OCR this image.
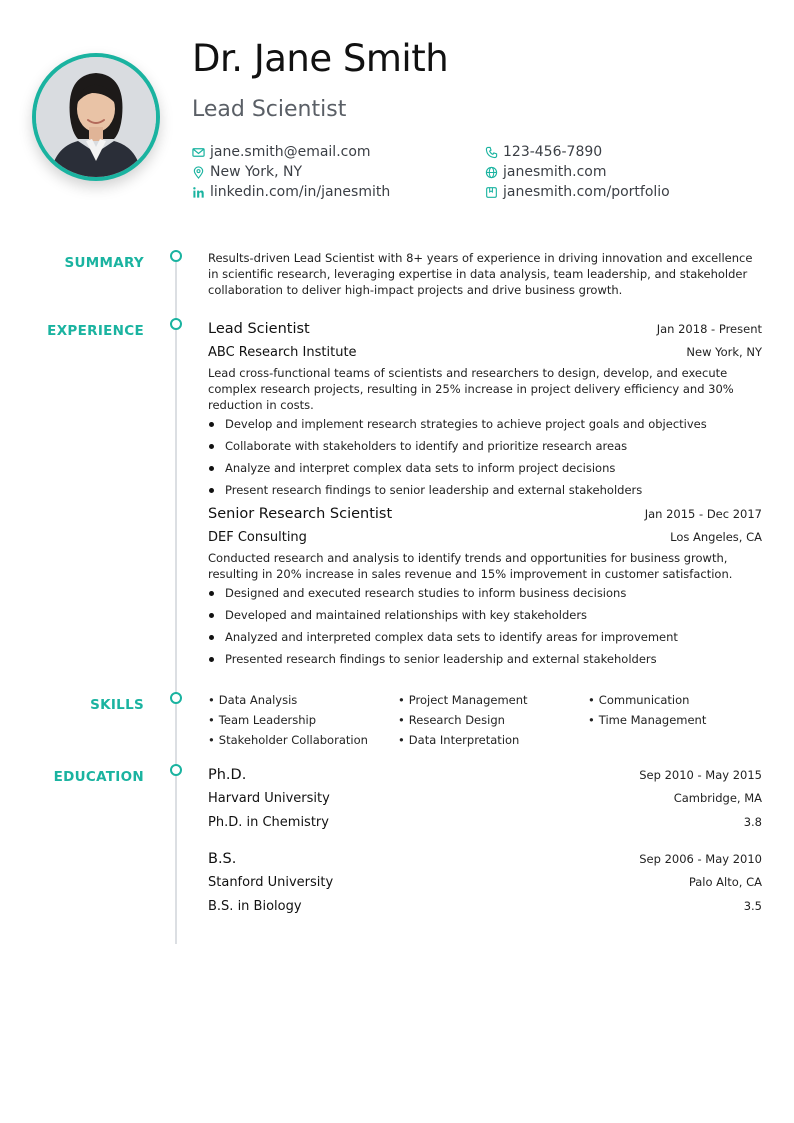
Dr. Jane Smith
Lead Scientist
jane.smith@email.com	123-456-7890
New York, NY	janesmith.com
linkedin.com/in/janesmith	janesmith.com/portfolio
SUMMARY	Results-driven Lead Scientist with 8+ years of experience in driving innovation and excellence in scientific research, leveraging expertise in data analysis, team leadership, and stakeholder collaboration to deliver high-impact projects and drive business growth.
EXPERIENCE	Lead Scientist	Jan 2018 - Present
ABC Research Institute	New York, NY
Lead cross-functional teams of scientists and researchers to design, develop, and execute complex research projects, resulting in 25% increase in project delivery efficiency and 30% reduction in costs.
Develop and implement research strategies to achieve project goals and objectives
Collaborate with stakeholders to identify and prioritize research areas
Analyze and interpret complex data sets to inform project decisions
Present research findings to senior leadership and external stakeholders
Senior Research Scientist	Jan 2015 - Dec 2017
DEF Consulting	Los Angeles, CA
Conducted research and analysis to identify trends and opportunities for business growth, resulting in 20% increase in sales revenue and 15% improvement in customer satisfaction.
Designed and executed research studies to inform business decisions
Developed and maintained relationships with key stakeholders
Analyzed and interpreted complex data sets to identify areas for improvement
Presented research findings to senior leadership and external stakeholders
SKILLS	• Data Analysis	• Project Management	• Communication
• Team Leadership	• Research Design	• Time Management
• Stakeholder Collaboration	• Data Interpretation
EDUCATION	Ph.D.	Sep 2010 - May 2015
Harvard University	Cambridge, MA
Ph.D. in Chemistry	3.8
B.S.	Sep 2006 - May 2010
Stanford University	Palo Alto, CA
B.S. in Biology	3.5
